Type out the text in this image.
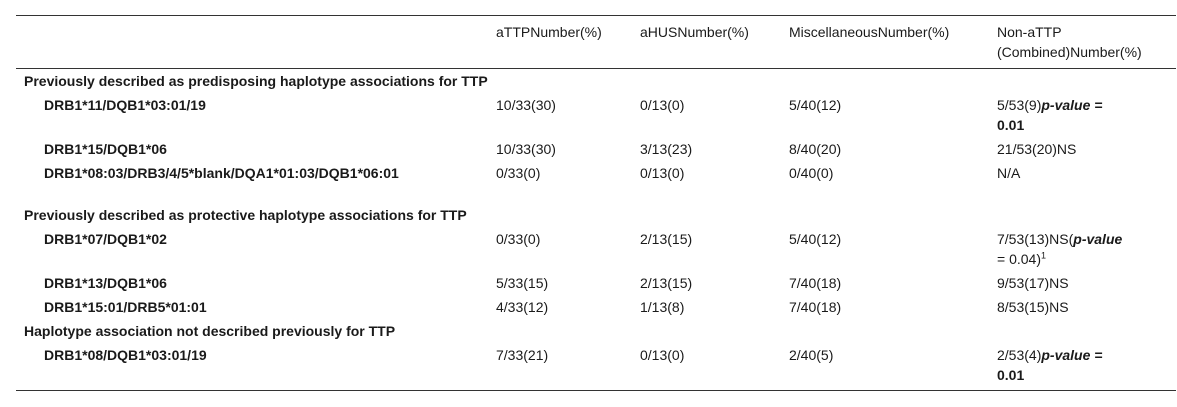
	aTTPNumber(%)	aHUSNumber(%)	MiscellaneousNumber(%)	Non-aTTP
(Combined)Number(%)
Previously described as predisposing haplotype associations for TTP				
DRB1*11/DQB1*03:01/19	10/33(30)	0/13(0)	5/40(12)	5/53(9)p-value =
0.01
DRB1*15/DQB1*06	10/33(30)	3/13(23)	8/40(20)	21/53(20)NS
DRB1*08:03/DRB3/4/5*blank/DQA1*01:03/DQB1*06:01	0/33(0)	0/13(0)	0/40(0)	N/A

Previously described as protective haplotype associations for TTP				
DRB1*07/DQB1*02	0/33(0)	2/13(15)	5/40(12)	7/53(13)NS(p-value
= 0.04)$^1$
DRB1*13/DQB1*06	5/33(15)	2/13(15)	7/40(18)	9/53(17)NS
DRB1*15:01/DRB5*01:01	4/33(12)	1/13(8)	7/40(18)	8/53(15)NS
Haplotype association not described previously for TTP				
DRB1*08/DQB1*03:01/19	7/33(21)	0/13(0)	2/40(5)	2/53(4)p-value =
0.01
